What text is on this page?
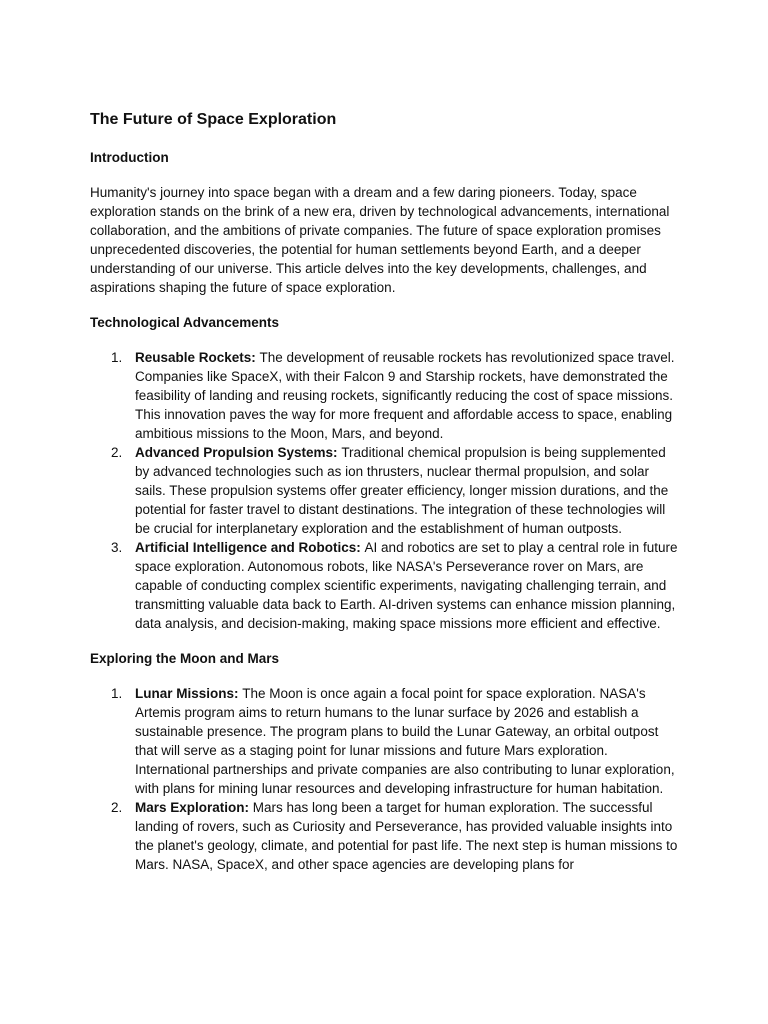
The Future of Space Exploration
Introduction

Humanity's journey into space began with a dream and a few daring pioneers. Today, space exploration stands on the brink of a new era, driven by technological advancements, international collaboration, and the ambitions of private companies. The future of space exploration promises unprecedented discoveries, the potential for human settlements beyond Earth, and a deeper understanding of our universe. This article delves into the key developments, challenges, and aspirations shaping the future of space exploration.

Technological Advancements
1. Reusable Rockets: The development of reusable rockets has revolutionized space travel. Companies like SpaceX, with their Falcon 9 and Starship rockets, have demonstrated the feasibility of landing and reusing rockets, significantly reducing the cost of space missions. This innovation paves the way for more frequent and affordable access to space, enabling ambitious missions to the Moon, Mars, and beyond.
2. Advanced Propulsion Systems: Traditional chemical propulsion is being supplemented by advanced technologies such as ion thrusters, nuclear thermal propulsion, and solar sails. These propulsion systems offer greater efficiency, longer mission durations, and the potential for faster travel to distant destinations. The integration of these technologies will be crucial for interplanetary exploration and the establishment of human outposts.
3. Artificial Intelligence and Robotics: AI and robotics are set to play a central role in future space exploration. Autonomous robots, like NASA's Perseverance rover on Mars, are capable of conducting complex scientific experiments, navigating challenging terrain, and transmitting valuable data back to Earth. AI-driven systems can enhance mission planning, data analysis, and decision-making, making space missions more efficient and effective.
Exploring the Moon and Mars
1. Lunar Missions: The Moon is once again a focal point for space exploration. NASA's Artemis program aims to return humans to the lunar surface by 2026 and establish a sustainable presence. The program plans to build the Lunar Gateway, an orbital outpost that will serve as a staging point for lunar missions and future Mars exploration. International partnerships and private companies are also contributing to lunar exploration, with plans for mining lunar resources and developing infrastructure for human habitation.
2. Mars Exploration: Mars has long been a target for human exploration. The successful landing of rovers, such as Curiosity and Perseverance, has provided valuable insights into the planet's geology, climate, and potential for past life. The next step is human missions to Mars. NASA, SpaceX, and other space agencies are developing plans for
